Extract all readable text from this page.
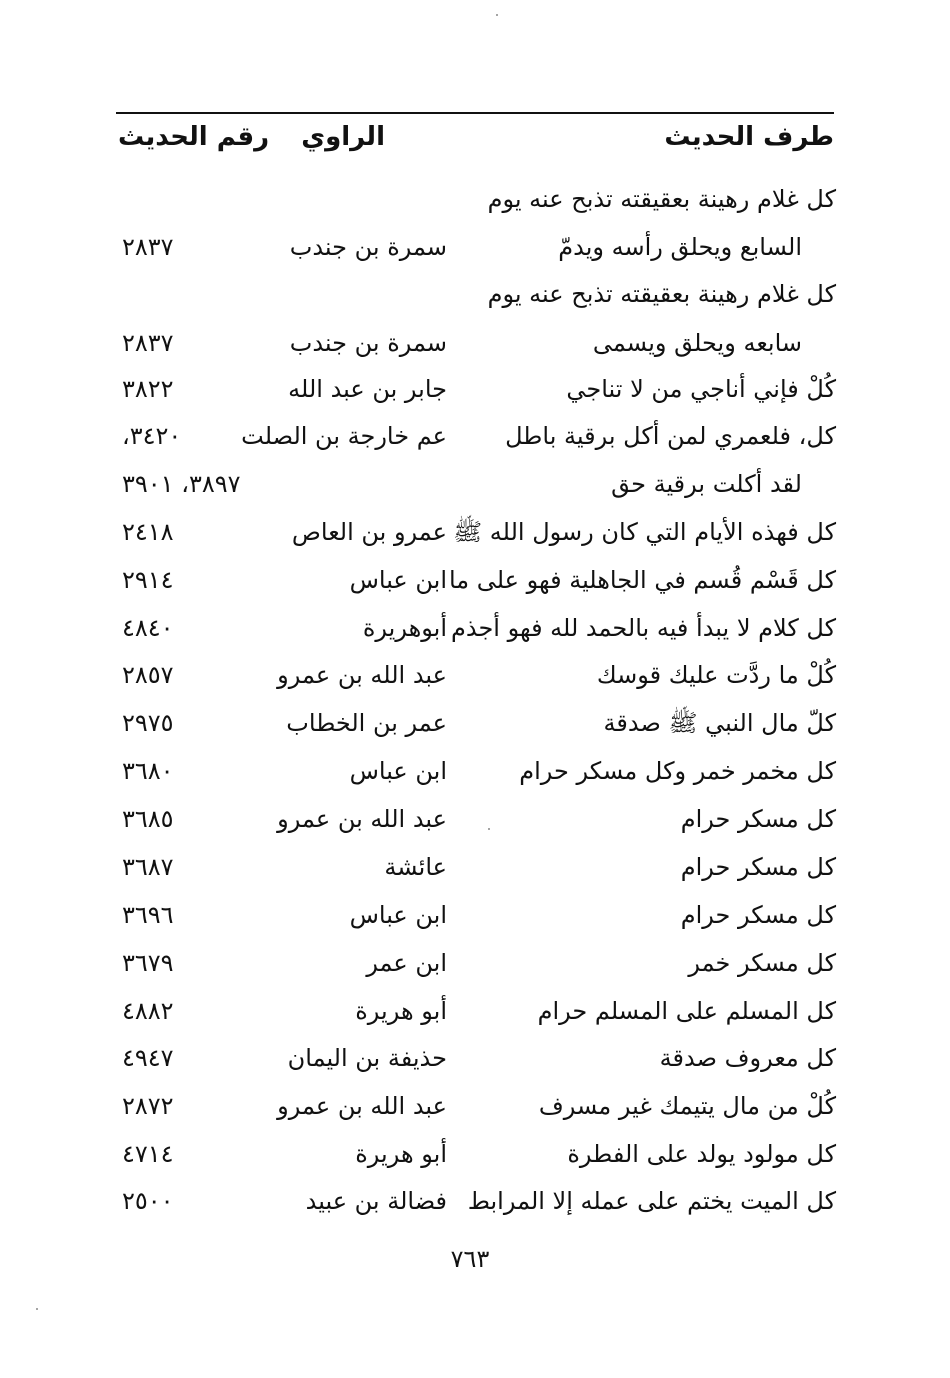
طرف الحديث
الراوي
رقم الحديث
كل غلام رهينة بعقيقته تذبح عنه يوم
السابع ويحلق رأسه ويدمّ
سمرة بن جندب
٢٨٣٧
كل غلام رهينة بعقيقته تذبح عنه يوم
سابعه ويحلق ويسمى
سمرة بن جندب
٢٨٣٧
كُلْ فإني أناجي من لا تناجي
جابر بن عبد الله
٣٨٢٢
كل، فلعمري لمن أكل برقية باطل
عم خارجة بن الصلت
٣٤٢٠،
لقد أكلت برقية حق
٣٨٩٧، ٣٩٠١
كل فهذه الأيام التي كان رسول الله ﷺ
عمرو بن العاص
٢٤١٨
كل قَسْم قُسم في الجاهلية فهو على ما
ابن عباس
٢٩١٤
كل كلام لا يبدأ فيه بالحمد لله فهو أجذم
أبوهريرة
٤٨٤٠
كُلْ ما ردَّت عليك قوسك
عبد الله بن عمرو
٢٨٥٧
كلّ مال النبي ﷺ صدقة
عمر بن الخطاب
٢٩٧٥
كل مخمر خمر وكل مسكر حرام
ابن عباس
٣٦٨٠
كل مسكر حرام
عبد الله بن عمرو
٣٦٨٥
كل مسكر حرام
عائشة
٣٦٨٧
كل مسكر حرام
ابن عباس
٣٦٩٦
كل مسكر خمر
ابن عمر
٣٦٧٩
كل المسلم على المسلم حرام
أبو هريرة
٤٨٨٢
كل معروف صدقة
حذيفة بن اليمان
٤٩٤٧
كُلْ من مال يتيمك غير مسرف
عبد الله بن عمرو
٢٨٧٢
كل مولود يولد على الفطرة
أبو هريرة
٤٧١٤
كل الميت يختم على عمله إلا المرابط
فضالة بن عبيد
٢٥٠٠
٧٦٣
